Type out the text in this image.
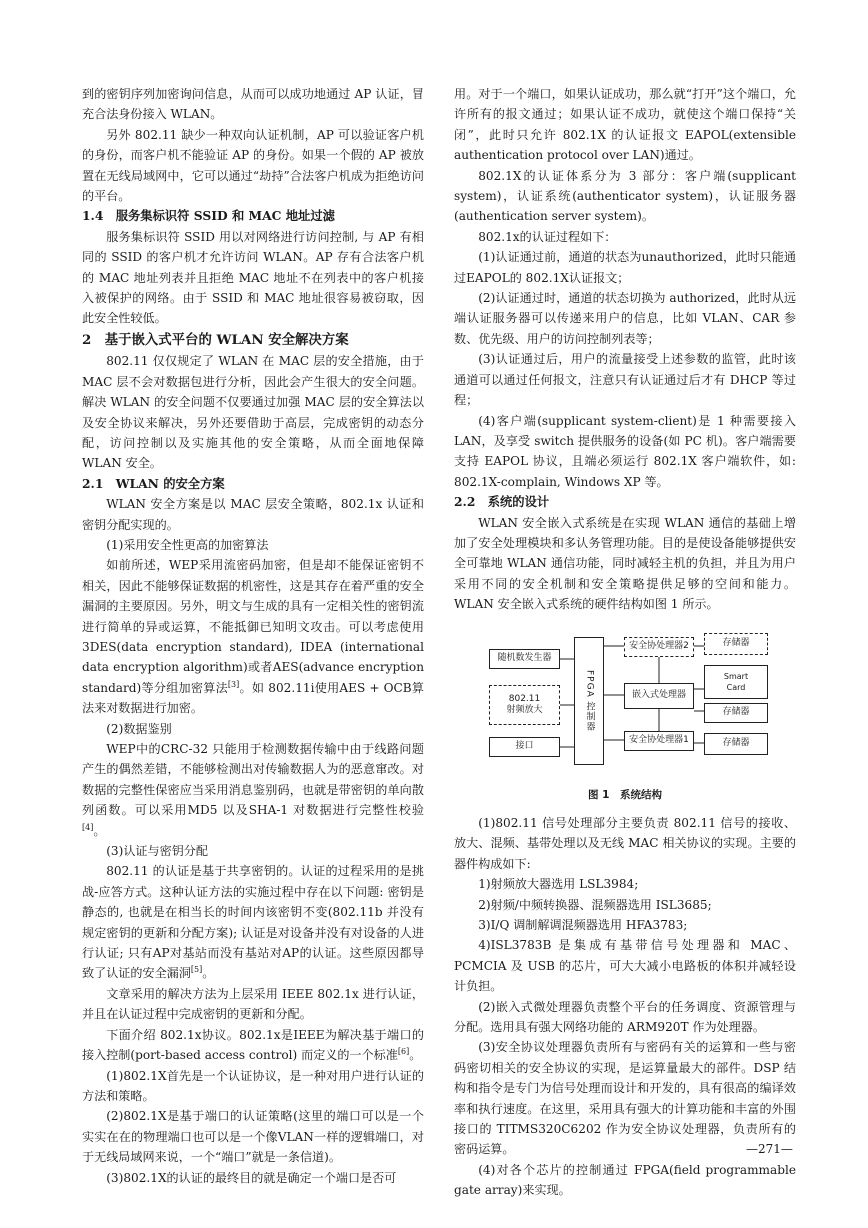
到的密钥序列加密询问信息，从而可以成功地通过 AP 认证，冒充合法身份接入 WLAN。

另外 802.11 缺少一种双向认证机制，AP 可以验证客户机的身份，而客户机不能验证 AP 的身份。如果一个假的 AP 被放置在无线局域网中，它可以通过“劫持”合法客户机成为拒绝访问的平台。

1.4　服务集标识符 SSID 和 MAC 地址过滤

服务集标识符 SSID 用以对网络进行访问控制, 与 AP 有相同的 SSID 的客户机才允许访问 WLAN。AP 存有合法客户机的 MAC 地址列表并且拒绝 MAC 地址不在列表中的客户机接入被保护的网络。由于 SSID 和 MAC 地址很容易被窃取，因此安全性较低。

2　基于嵌入式平台的 WLAN 安全解决方案

802.11 仅仅规定了 WLAN 在 MAC 层的安全措施，由于 MAC 层不会对数据包进行分析，因此会产生很大的安全问题。解决 WLAN 的安全问题不仅要通过加强 MAC 层的安全算法以及安全协议来解决，另外还要借助于高层，完成密钥的动态分配，访问控制以及实施其他的安全策略，从而全面地保障 WLAN 安全。

2.1　WLAN 的安全方案

WLAN 安全方案是以 MAC 层安全策略，802.1x 认证和密钥分配实现的。

(1)采用安全性更高的加密算法

如前所述，WEP采用流密码加密，但是却不能保证密钥不相关，因此不能够保证数据的机密性，这是其存在着严重的安全漏洞的主要原因。另外，明文与生成的具有一定相关性的密钥流进行简单的异或运算，不能抵御已知明文攻击。可以考虑使用 3DES(data encryption standard), IDEA (international data encryption algorithm)或者AES(advance encryption standard)等分组加密算法[3]。如 802.11i使用AES + OCB算法来对数据进行加密。

(2)数据鉴别

WEP中的CRC-32 只能用于检测数据传输中由于线路问题产生的偶然差错，不能够检测出对传输数据人为的恶意窜改。对数据的完整性保密应当采用消息鉴别码，也就是带密钥的单向散列函数。可以采用MD5 以及SHA-1 对数据进行完整性校验[4]。

(3)认证与密钥分配

802.11 的认证是基于共享密钥的。认证的过程采用的是挑战-应答方式。这种认证方法的实施过程中存在以下问题: 密钥是静态的, 也就是在相当长的时间内该密钥不变(802.11b 并没有规定密钥的更新和分配方案); 认证是对设备并没有对设备的人进行认证; 只有AP对基站而没有基站对AP的认证。这些原因都导致了认证的安全漏洞[5]。

文章采用的解决方法为上层采用 IEEE 802.1x 进行认证，并且在认证过程中完成密钥的更新和分配。

下面介绍 802.1x协议。802.1x是IEEE为解决基于端口的接入控制(port-based access control) 而定义的一个标准[6]。

(1)802.1X首先是一个认证协议，是一种对用户进行认证的方法和策略。

(2)802.1X是基于端口的认证策略(这里的端口可以是一个实实在在的物理端口也可以是一个像VLAN一样的逻辑端口，对于无线局域网来说，一个“端口”就是一条信道)。

(3)802.1X的认证的最终目的就是确定一个端口是否可

用。对于一个端口，如果认证成功，那么就“打开”这个端口，允许所有的报文通过；如果认证不成功，就使这个端口保持“关闭”，此时只允许 802.1X 的认证报文 EAPOL(extensible authentication protocol over LAN)通过。

802.1X的认证体系分为 3 部分：客户端(supplicant system)，认证系统(authenticator system)，认证服务器 (authentication server system)。

802.1x的认证过程如下：

(1)认证通过前，通道的状态为unauthorized，此时只能通过EAPOL的 802.1X认证报文；

(2)认证通过时，通道的状态切换为 authorized，此时从远端认证服务器可以传递来用户的信息，比如 VLAN、CAR 参数、优先级、用户的访问控制列表等；

(3)认证通过后，用户的流量接受上述参数的监管，此时该通道可以通过任何报文，注意只有认证通过后才有 DHCP 等过程；

(4)客户端(supplicant system-client)是 1 种需要接入 LAN，及享受 switch 提供服务的设备(如 PC 机)。客户端需要支持 EAPOL 协议，且端必须运行 802.1X 客户端软件，如: 802.1X-complain, Windows XP 等。

2.2　系统的设计

WLAN 安全嵌入式系统是在实现 WLAN 通信的基础上增加了安全处理模块和多认务管理功能。目的是使设备能够提供安全可靠地 WLAN 通信功能，同时减轻主机的负担，并且为用户采用不同的安全机制和安全策略提供足够的空间和能力。WLAN 安全嵌入式系统的硬件结构如图 1 所示。

随机数发生器
802.11
射频放大
接口
FPGA 控制器
安全协处理器2
嵌入式处理器
安全协处理器1
存储器
Smart
Card
存储器
存储器

图 1　系统结构

(1)802.11 信号处理部分主要负责 802.11 信号的接收、放大、混频、基带处理以及无线 MAC 相关协议的实现。主要的器件构成如下:

1)射频放大器选用 LSL3984;

2)射频/中频转换器、混频器选用 ISL3685;

3)I/Q 调制解调混频器选用 HFA3783;

4)ISL3783B 是集成有基带信号处理器和 MAC、PCMCIA 及 USB 的芯片，可大大减小电路板的体积并减轻设计负担。

(2)嵌入式微处理器负责整个平台的任务调度、资源管理与分配。选用具有强大网络功能的 ARM920T 作为处理器。

(3)安全协议处理器负责所有与密码有关的运算和一些与密码密切相关的安全协议的实现，是运算量最大的部件。DSP 结构和指令是专门为信号处理而设计和开发的，具有很高的编译效率和执行速度。在这里，采用具有强大的计算功能和丰富的外围接口的 TITMS320C6202 作为安全协议处理器，负责所有的密码运算。

(4)对各个芯片的控制通过 FPGA(field programmable gate array)来实现。

—271—
